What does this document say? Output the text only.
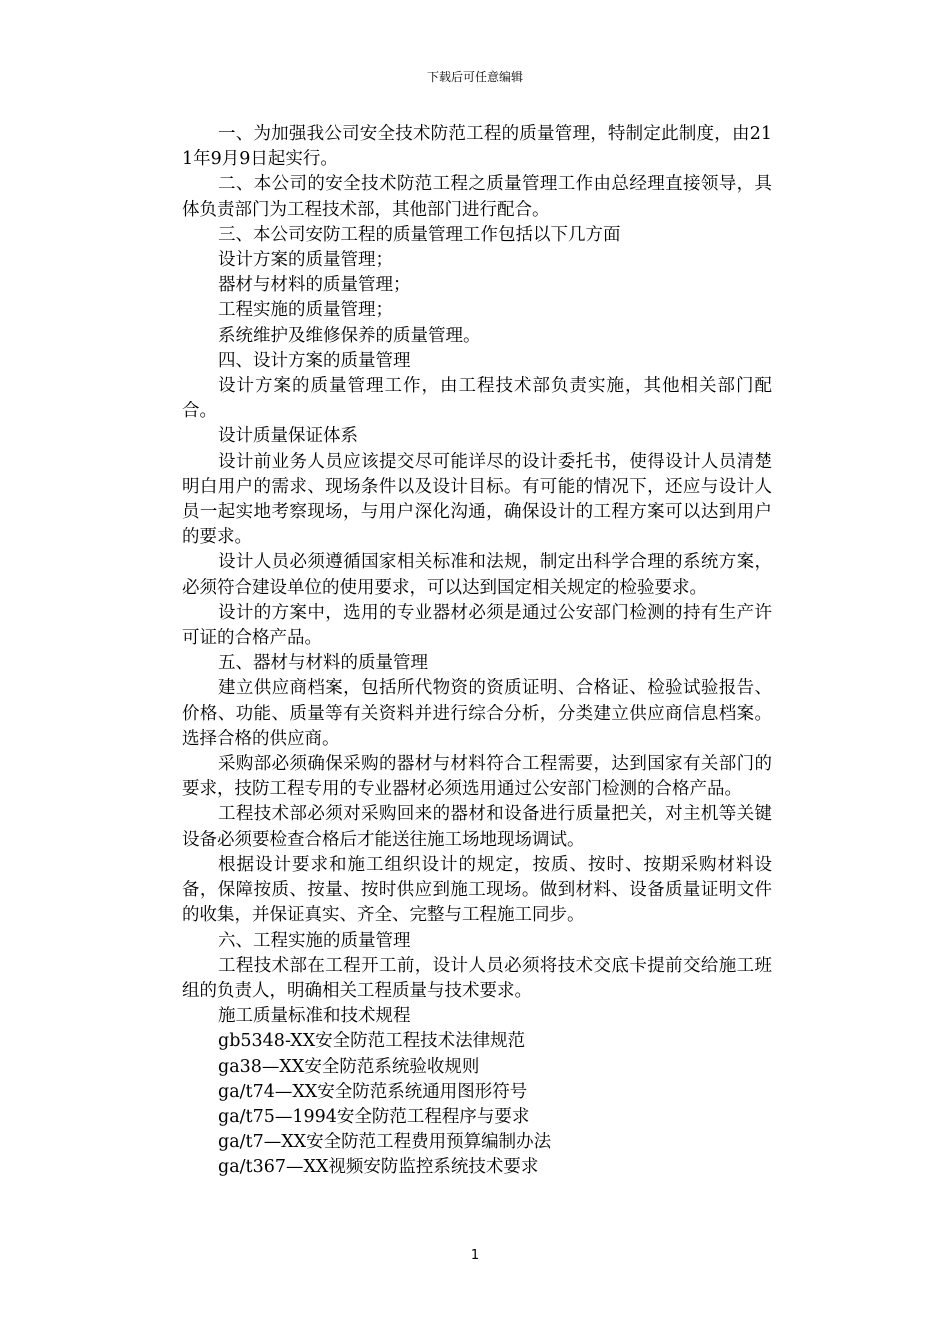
下载后可任意编辑

一、为加强我公司安全技术防范工程的质量管理，特制定此制度，由211年9月9日起实行。

二、本公司的安全技术防范工程之质量管理工作由总经理直接领导，具体负责部门为工程技术部，其他部门进行配合。

三、本公司安防工程的质量管理工作包括以下几方面

设计方案的质量管理；

器材与材料的质量管理；

工程实施的质量管理；

系统维护及维修保养的质量管理。

四、设计方案的质量管理

设计方案的质量管理工作，由工程技术部负责实施，其他相关部门配合。

设计质量保证体系

设计前业务人员应该提交尽可能详尽的设计委托书，使得设计人员清楚明白用户的需求、现场条件以及设计目标。有可能的情况下，还应与设计人员一起实地考察现场，与用户深化沟通，确保设计的工程方案可以达到用户的要求。

设计人员必须遵循国家相关标准和法规，制定出科学合理的系统方案，必须符合建设单位的使用要求，可以达到国定相关规定的检验要求。

设计的方案中，选用的专业器材必须是通过公安部门检测的持有生产许可证的合格产品。

五、器材与材料的质量管理

建立供应商档案，包括所代物资的资质证明、合格证、检验试验报告、价格、功能、质量等有关资料并进行综合分析，分类建立供应商信息档案。选择合格的供应商。

采购部必须确保采购的器材与材料符合工程需要，达到国家有关部门的要求，技防工程专用的专业器材必须选用通过公安部门检测的合格产品。

工程技术部必须对采购回来的器材和设备进行质量把关，对主机等关键设备必须要检查合格后才能送往施工场地现场调试。

根据设计要求和施工组织设计的规定，按质、按时、按期采购材料设备，保障按质、按量、按时供应到施工现场。做到材料、设备质量证明文件的收集，并保证真实、齐全、完整与工程施工同步。

六、工程实施的质量管理

工程技术部在工程开工前，设计人员必须将技术交底卡提前交给施工班组的负责人，明确相关工程质量与技术要求。

施工质量标准和技术规程

gb5348-XX安全防范工程技术法律规范

ga38—XX安全防范系统验收规则

ga/t74—XX安全防范系统通用图形符号

ga/t75—1994安全防范工程程序与要求

ga/t7—XX安全防范工程费用预算编制办法

ga/t367—XX视频安防监控系统技术要求

1
